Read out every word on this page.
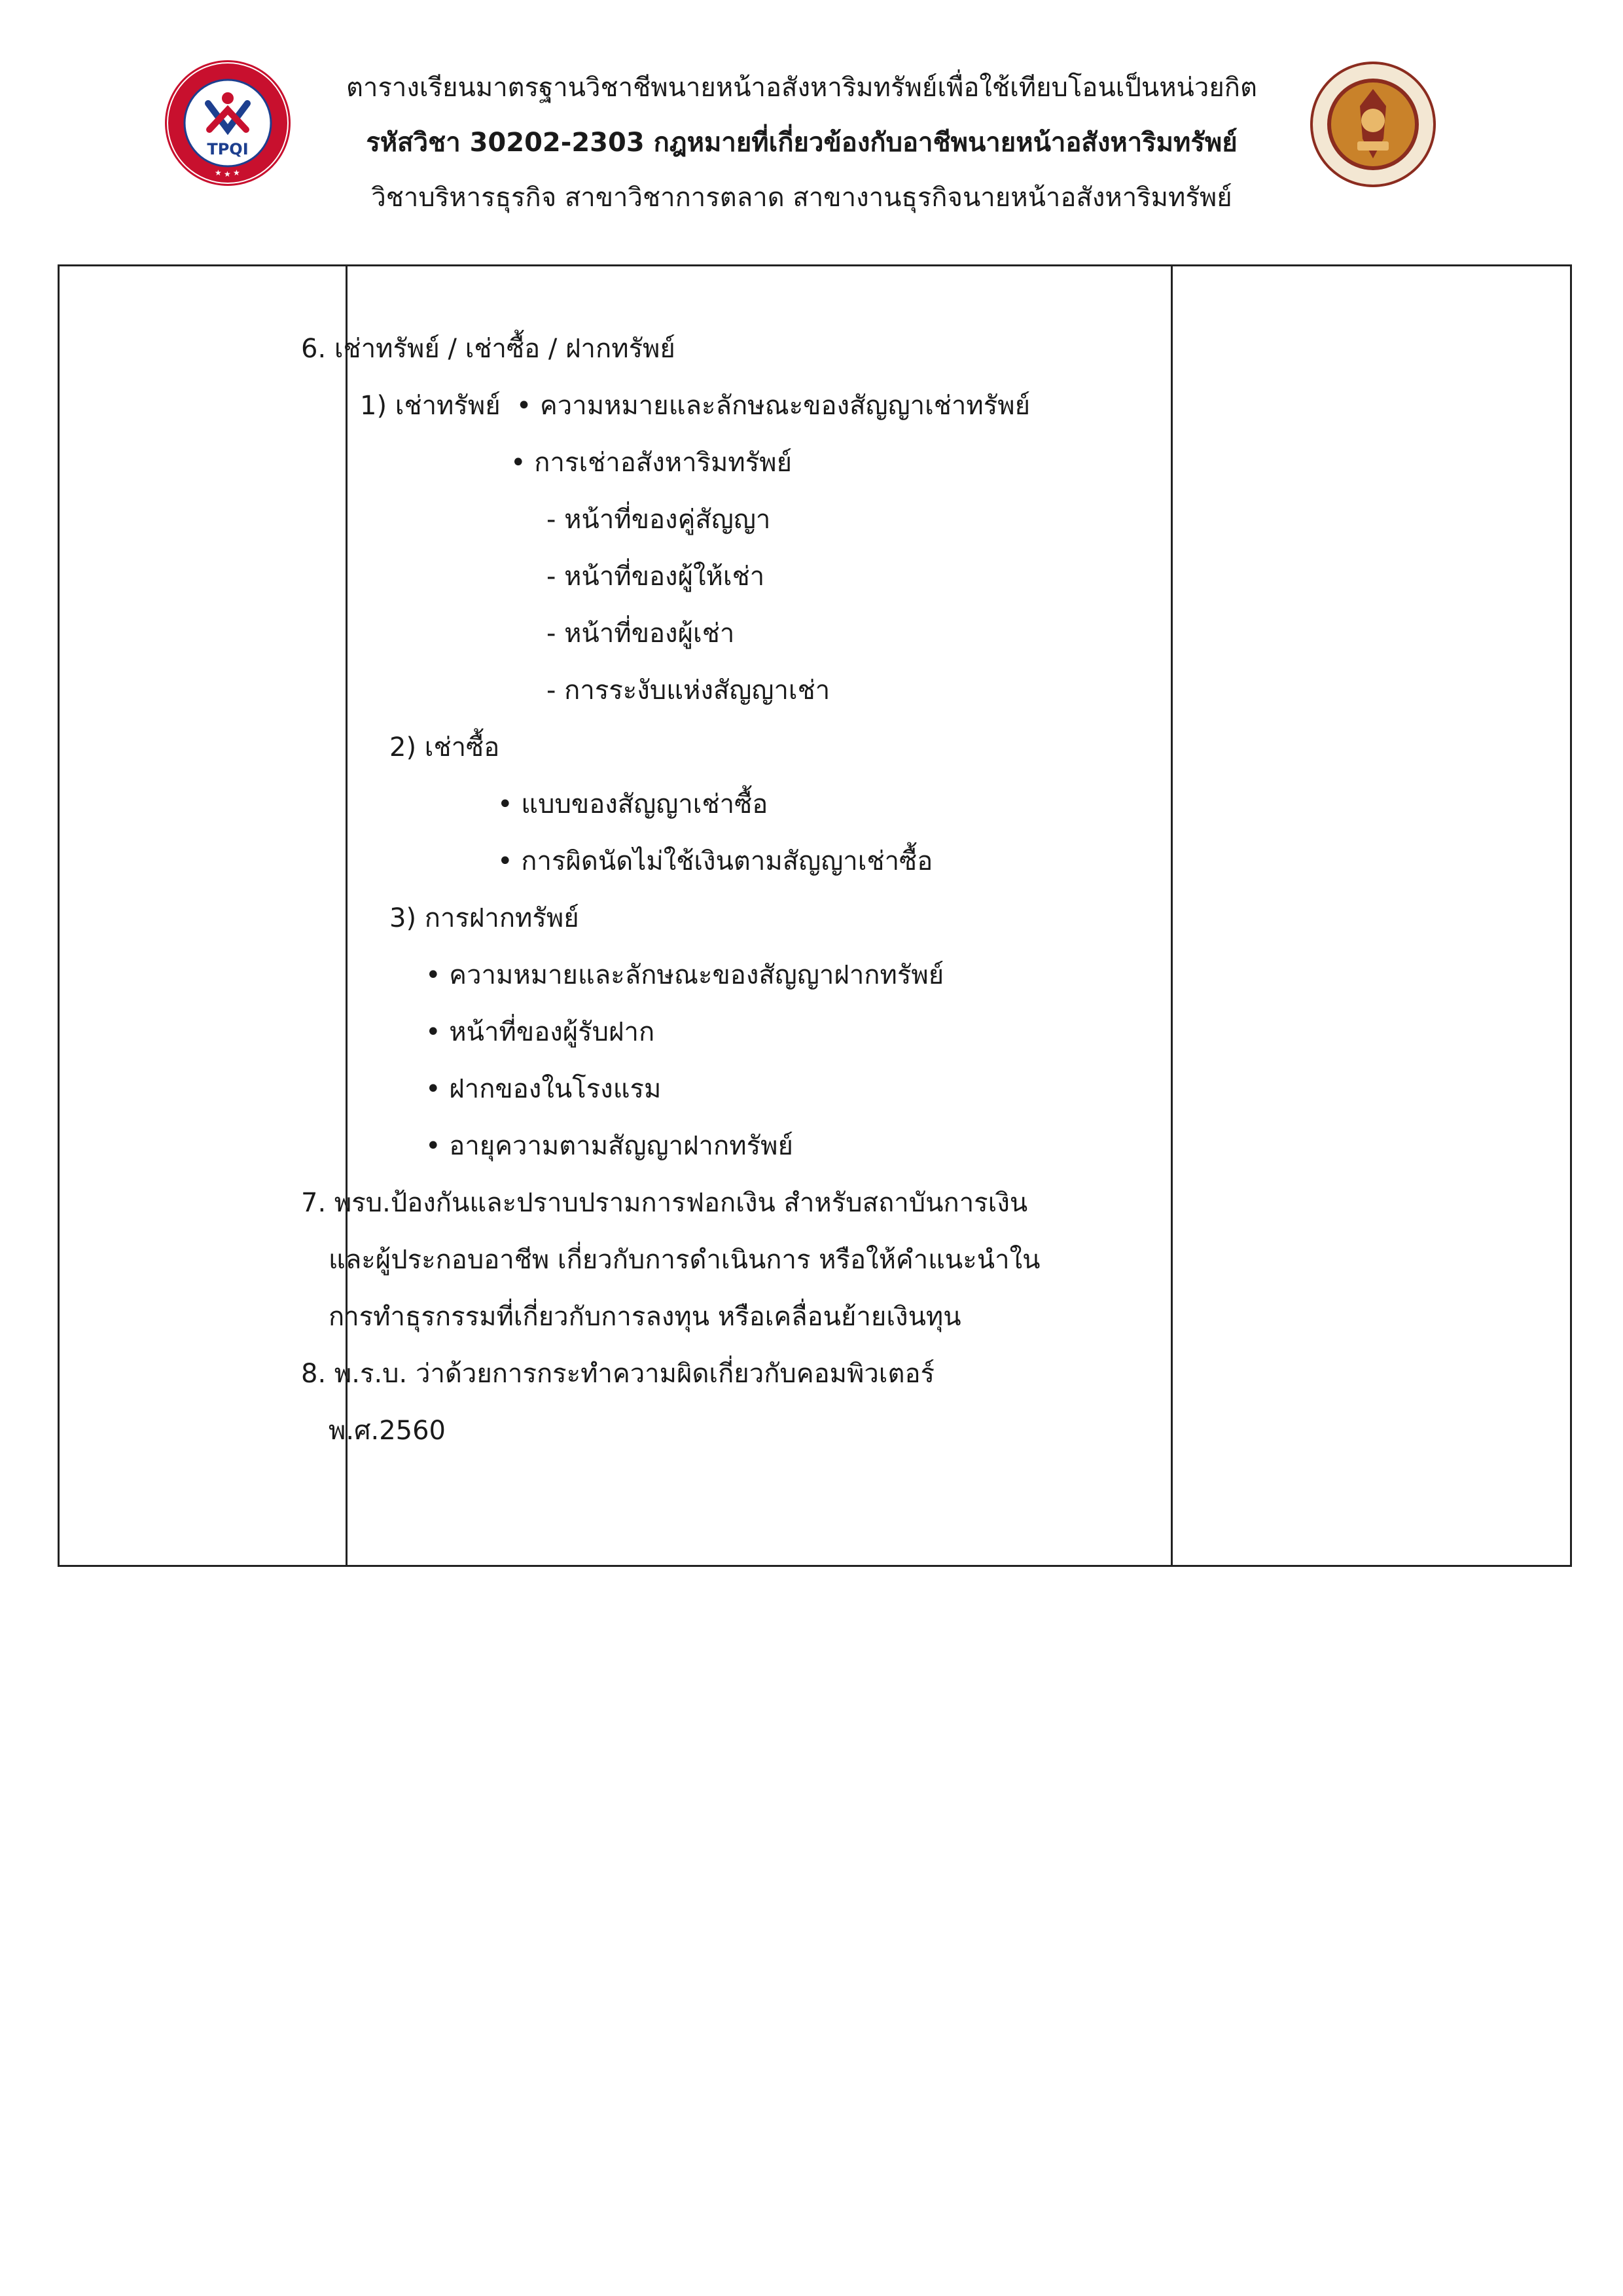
TPQI
★ ★ ★
ตารางเรียนมาตรฐานวิชาชีพนายหน้าอสังหาริมทรัพย์เพื่อใช้เทียบโอนเป็นหน่วยกิต
รหัสวิชา 30202-2303 กฎหมายที่เกี่ยวข้องกับอาชีพนายหน้าอสังหาริมทรัพย์
วิชาบริหารธุรกิจ สาขาวิชาการตลาด สาขางานธุรกิจนายหน้าอสังหาริมทรัพย์
6. เช่าทรัพย์ / เช่าซื้อ / ฝากทรัพย์
1) เช่าทรัพย์ • ความหมายและลักษณะของสัญญาเช่าทรัพย์
• การเช่าอสังหาริมทรัพย์
- หน้าที่ของคู่สัญญา
- หน้าที่ของผู้ให้เช่า
- หน้าที่ของผู้เช่า
- การระงับแห่งสัญญาเช่า
2) เช่าซื้อ
• แบบของสัญญาเช่าซื้อ
• การผิดนัดไม่ใช้เงินตามสัญญาเช่าซื้อ
3) การฝากทรัพย์
• ความหมายและลักษณะของสัญญาฝากทรัพย์
• หน้าที่ของผู้รับฝาก
• ฝากของในโรงแรม
• อายุความตามสัญญาฝากทรัพย์
7. พรบ.ป้องกันและปราบปรามการฟอกเงิน สำหรับสถาบันการเงิน
และผู้ประกอบอาชีพ เกี่ยวกับการดำเนินการ หรือให้คำแนะนำใน
การทำธุรกรรมที่เกี่ยวกับการลงทุน หรือเคลื่อนย้ายเงินทุน
8. พ.ร.บ. ว่าด้วยการกระทำความผิดเกี่ยวกับคอมพิวเตอร์
พ.ศ.2560
